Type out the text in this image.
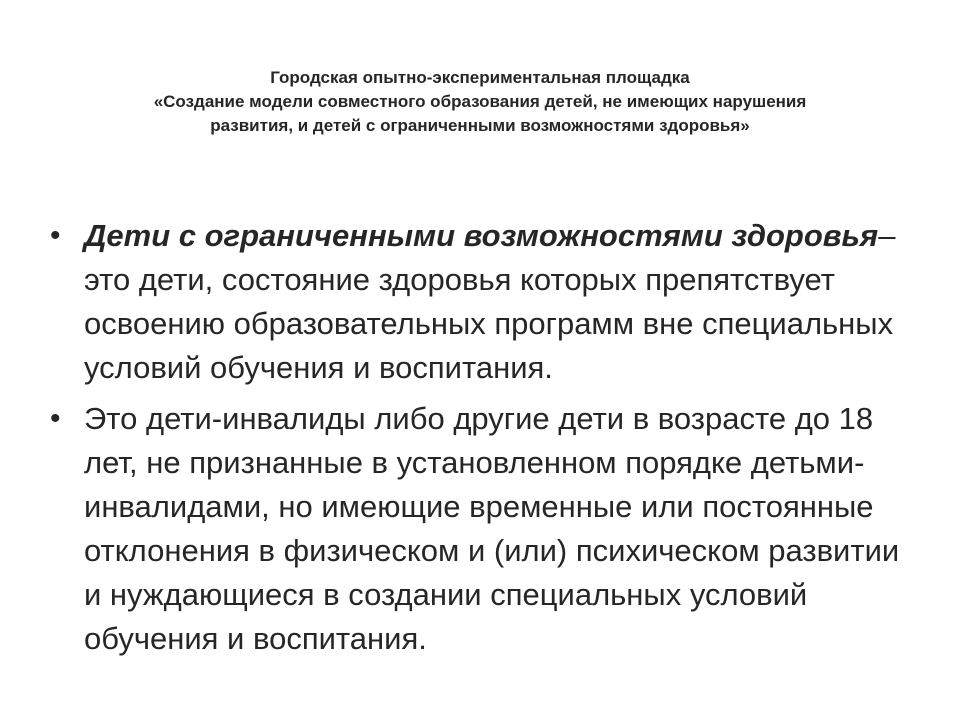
Городская опытно-экспериментальная площадка
«Создание модели совместного образования детей, не имеющих нарушения
развития, и детей с ограниченными возможностями здоровья»
• Дети с ограниченными возможностями здоровья– это дети, состояние здоровья которых препятствует освоению образовательных программ вне специальных условий обучения и воспитания.
• Это дети-инвалиды либо другие дети в возрасте до 18 лет, не признанные в установленном порядке детьми-инвалидами, но имеющие временные или постоянные отклонения в физическом и (или) психическом развитии и нуждающиеся в создании специальных условий обучения и воспитания.
